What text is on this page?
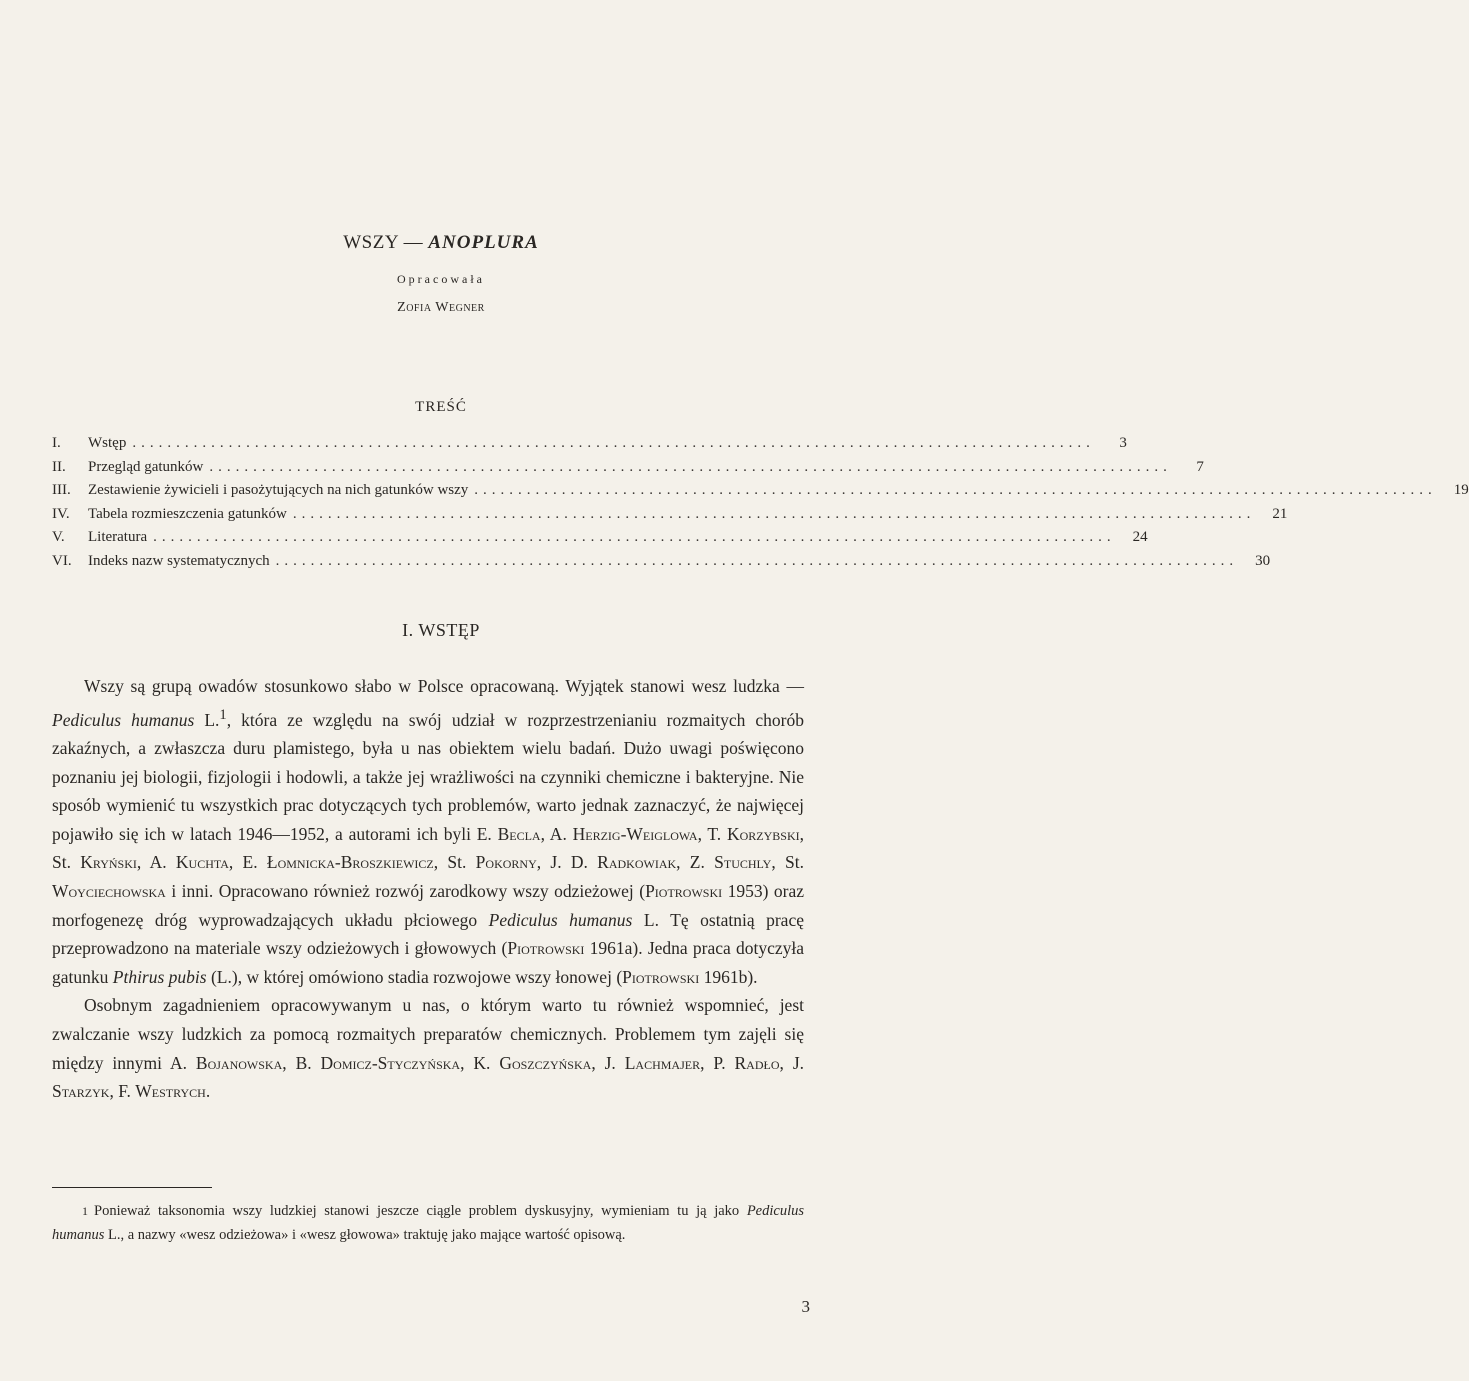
WSZY — ANOPLURA
Opracowała
Zofia Wegner
TREŚĆ
I.	Wstęp ..............................................................................................................	3
II.	Przegląd gatunków ..............................................................................................................	7
III.	Zestawienie żywicieli i pasożytujących na nich gatunków wszy ..............................................................................................................	19
IV.	Tabela rozmieszczenia gatunków ..............................................................................................................	21
V.	Literatura ..............................................................................................................	24
VI.	Indeks nazw systematycznych ..............................................................................................................	30
I. WSTĘP

Wszy są grupą owadów stosunkowo słabo w Polsce opracowaną. Wyjątek stanowi wesz ludzka — Pediculus humanus L.$^1$, która ze względu na swój udział w rozprzestrzenianiu rozmaitych chorób zakaźnych, a zwłaszcza duru plamistego, była u nas obiektem wielu badań. Dużo uwagi poświęcono poznaniu jej biologii, fizjologii i hodowli, a także jej wrażliwości na czynniki chemiczne i bakteryjne. Nie sposób wymienić tu wszystkich prac dotyczących tych problemów, warto jednak zaznaczyć, że najwięcej pojawiło się ich w latach 1946—1952, a autorami ich byli E. Becla, A. Herzig-Weiglowa, T. Korzybski, St. Kryński, A. Kuchta, E. Łomnicka-Broszkiewicz, St. Pokorny, J. D. Radkowiak, Z. Stuchly, St. Woyciechowska i inni. Opracowano również rozwój zarodkowy wszy odzieżowej (Piotrowski 1953) oraz morfogenezę dróg wyprowadzających układu płciowego Pediculus humanus L. Tę ostatnią pracę przeprowadzono na materiale wszy odzieżowych i głowowych (Piotrowski 1961a). Jedna praca dotyczyła gatunku Pthirus pubis (L.), w której omówiono stadia rozwojowe wszy łonowej (Piotrowski 1961b).

Osobnym zagadnieniem opracowywanym u nas, o którym warto tu również wspomnieć, jest zwalczanie wszy ludzkich za pomocą rozmaitych preparatów chemicznych. Problemem tym zajęli się między innymi A. Bojanowska, B. Domicz-Styczyńska, K. Goszczyńska, J. Lachmajer, P. Radło, J. Starzyk, F. Westrych.

1 Ponieważ taksonomia wszy ludzkiej stanowi jeszcze ciągle problem dyskusyjny, wymieniam tu ją jako Pediculus humanus L., a nazwy «wesz odzieżowa» i «wesz głowowa» traktuję jako mające wartość opisową.
3
